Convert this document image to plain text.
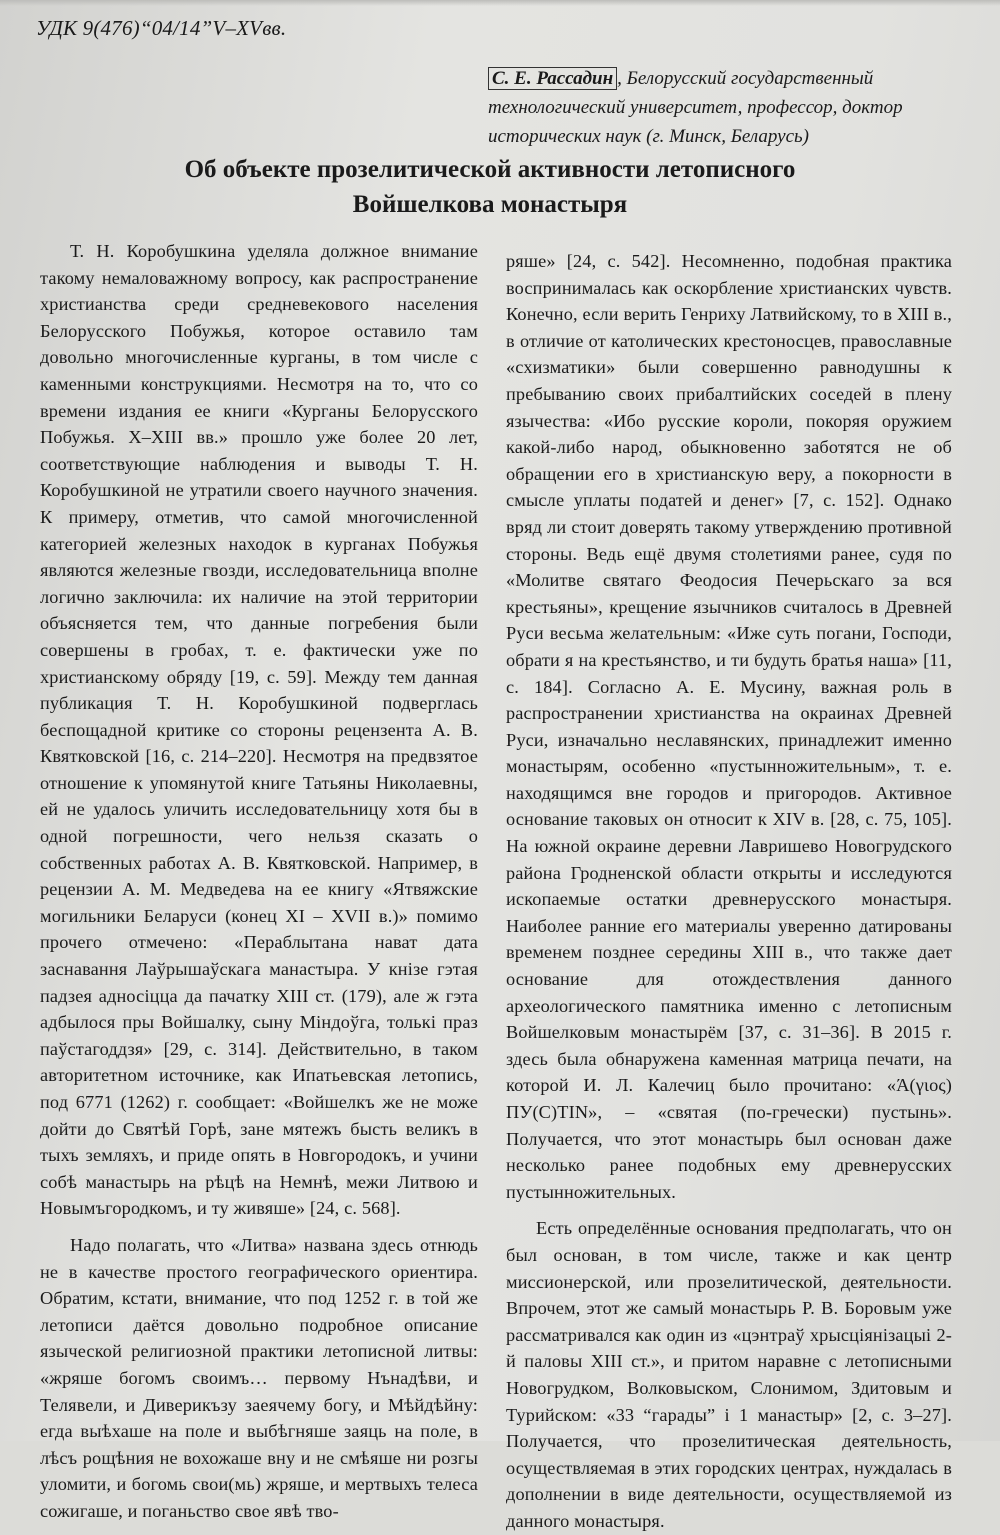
УДК 9(476)“04/14”V–XVвв.
С. Е. Рассадин , Белорусский государственный технологический университет, профессор, доктор исторических наук (г. Минск, Беларусь)
Об объекте прозелитической активности летописного
Войшелкова монастыря

Т. Н. Коробушкина уделяла должное внимание такому немаловажному вопросу, как распространение христианства среди средневекового населения Белорусского Побужья, которое оставило там довольно многочисленные курганы, в том числе с каменными конструкциями. Несмотря на то, что со времени издания ее книги «Курганы Белорусского Побужья. X–XIII вв.» прошло уже более 20 лет, соответствующие наблюдения и выводы Т. Н. Коробушкиной не утратили своего научного значения. К примеру, отметив, что самой многочисленной категорией железных находок в курганах Побужья являются железные гвозди, исследовательница вполне логично заключила: их наличие на этой территории объясняется тем, что данные погребения были совершены в гробах, т. е. фактически уже по христианскому обряду [19, с. 59]. Между тем данная публикация Т. Н. Коробушкиной подверглась беспощадной критике со стороны рецензента А. В. Квятковской [16, с. 214–220]. Несмотря на предвзятое отношение к упомянутой книге Татьяны Николаевны, ей не удалось уличить исследовательницу хотя бы в одной погрешности, чего нельзя сказать о собственных работах А. В. Квятковской. Например, в рецензии А. М. Медведева на ее книгу «Ятвяжские могильники Беларуси (конец XI – XVII в.)» помимо прочего отмечено: «Пераблытана нават дата заснавання Лаўрышаўскага манастыра. У кнізе гэтая падзея адносіцца да пачатку XIII ст. (179), але ж гэта адбылося пры Войшалку, сыну Міндоўга, толькі праз паўстагоддзя» [29, с. 314]. Действительно, в таком авторитетном источнике, как Ипатьевская летопись, под 6771 (1262) г. сообщает: «Войшелкъ же не може дойти до Святѣй Горѣ, зане мятежъ бысть великъ в тыхъ земляхъ, и приде опять в Новгородокъ, и учини собѣ манастырь на рѣцѣ на Немнѣ, межи Литвою и Новымъгородкомъ, и ту живяше» [24, с. 568].

Надо полагать, что «Литва» названа здесь отнюдь не в качестве простого географического ориентира. Обратим, кстати, внимание, что под 1252 г. в той же летописи даётся довольно подробное описание языческой религиозной практики летописной литвы: «жряше богомъ своимъ… первому Нънадѣви, и Телявели, и Диверикъзу заеячему богу, и Мѣйдѣйну: егда выѣхаше на поле и выбѣгняше заяць на поле, в лѣсъ рощѣния не вохожаше вну и не смѣяше ни розгы уломити, и богомь свои(мь) жряше, и мертвыхъ телеса сожигаше, и поганьство свое явѣ тво-

ряше» [24, с. 542]. Несомненно, подобная практика воспринималась как оскорбление христианских чувств. Конечно, если верить Генриху Латвийскому, то в XIII в., в отличие от католических крестоносцев, православные «схизматики» были совершенно равнодушны к пребыванию своих прибалтийских соседей в плену язычества: «Ибо русские короли, покоряя оружием какой-либо народ, обыкновенно заботятся не об обращении его в христианскую веру, а покорности в смысле уплаты податей и денег» [7, с. 152]. Однако вряд ли стоит доверять такому утверждению противной стороны. Ведь ещё двумя столетиями ранее, судя по «Молитве святаго Феодосия Печерьскаго за вся крестьяны», крещение язычников считалось в Древней Руси весьма желательным: «Иже суть погани, Господи, обрати я на крестьянство, и ти будуть братья наша» [11, с. 184]. Согласно А. Е. Мусину, важная роль в распространении христианства на окраинах Древней Руси, изначально неславянских, принадлежит именно монастырям, особенно «пустынножительным», т. е. находящимся вне городов и пригородов. Активное основание таковых он относит к XIV в. [28, с. 75, 105]. На южной окраине деревни Лавришево Новогрудского района Гродненской области открыты и исследуются ископаемые остатки древнерусского монастыря. Наиболее ранние его материалы уверенно датированы временем позднее середины XIII в., что также дает основание для отождествления данного археологического памятника именно с летописным Войшелковым монастырём [37, с. 31–36]. В 2015 г. здесь была обнаружена каменная матрица печати, на которой И. Л. Калечиц было прочитано: «Ά(γιος) ПУ(С)TIN», – «святая (по-гречески) пустынь». Получается, что этот монастырь был основан даже несколько ранее подобных ему древнерусских пустынножительных.

Есть определённые основания предполагать, что он был основан, в том числе, также и как центр миссионерской, или прозелитической, деятельности. Впрочем, этот же самый монастырь Р. В. Боровым уже рассматривался как один из «цэнтраў хрысціянізацыі 2-й паловы XIII ст.», и притом наравне с летописными Новогрудком, Волковыском, Слонимом, Здитовым и Турийском: «33 “гарады” і 1 манастыр» [2, с. 3–27]. Получается, что прозелитическая деятельность, осуществляемая в этих городских центрах, нуждалась в дополнении в виде деятельности, осуществляемой из данного монастыря.
